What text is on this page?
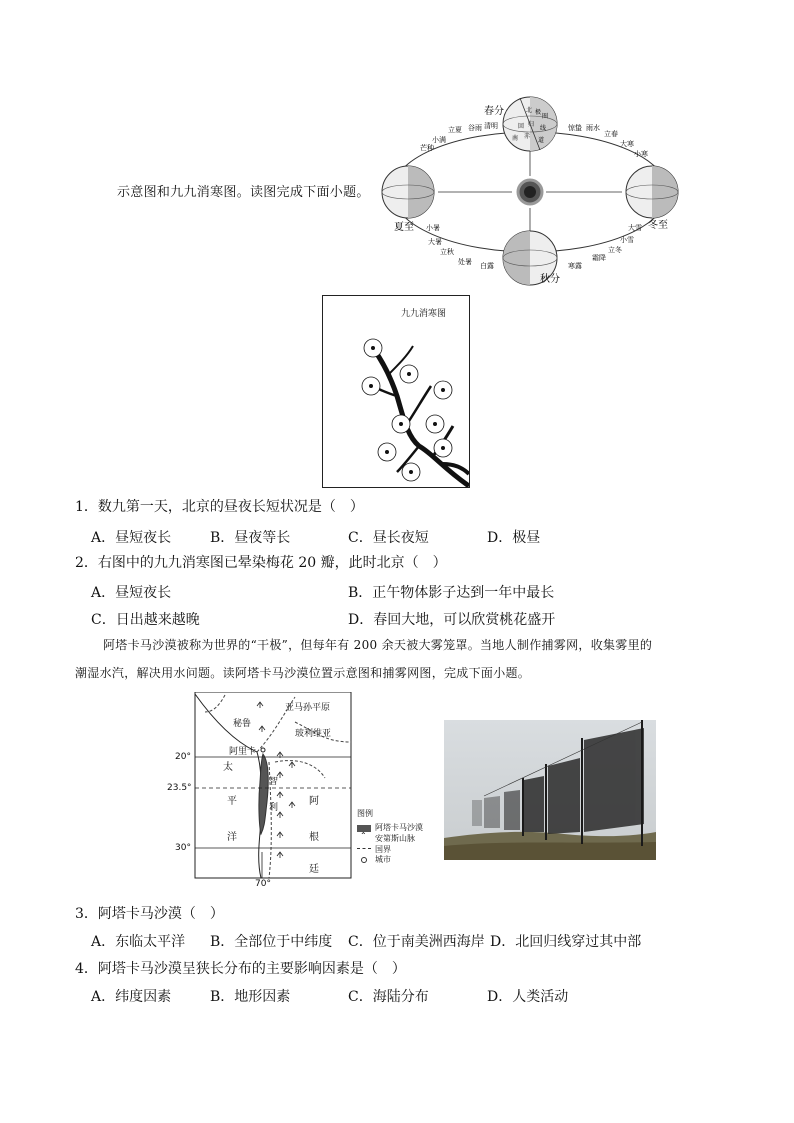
示意图和九九消寒图。读图完成下面小题。
春分
夏至
秋分
冬至
立夏 谷雨 清明
芒种
小满
惊蛰 雨水
立春
大寒
小寒
小暑
大暑
立秋
处暑 白露
大雪
小雪
立冬
霜降
寒露
北 极
圈
回 归
线
南 赤
道
九九消寒图
1．数九第一天，北京的昼夜长短状况是（　）
A．昼短夜长	B．昼夜等长	C．昼长夜短	D．极昼
2．右图中的九九消寒图已晕染梅花 20 瓣，此时北京（　）
A．昼短夜长	B．正午物体影子达到一年中最长
C．日出越来越晚	D．春回大地，可以欣赏桃花盛开
阿塔卡马沙漠被称为世界的“干极”，但每年有 200 余天被大雾笼罩。当地人制作捕雾网，收集雾里的
潮湿水汽，解决用水问题。读阿塔卡马沙漠位置示意图和捕雾网图，完成下面小题。
秘鲁
亚马孙平原
玻利维亚
阿里卡
太
平
洋
智
利
阿
根
廷
20°
23.5°
30°
70°
图例
阿塔卡马沙漠
⌃ 安第斯山脉
国界
城市
3．阿塔卡马沙漠（　）
A．东临太平洋 B．全部位于中纬度 C．位于南美洲西海岸 D．北回归线穿过其中部
4．阿塔卡马沙漠呈狭长分布的主要影响因素是（　）
A．纬度因素	B．地形因素	C．海陆分布	D．人类活动
